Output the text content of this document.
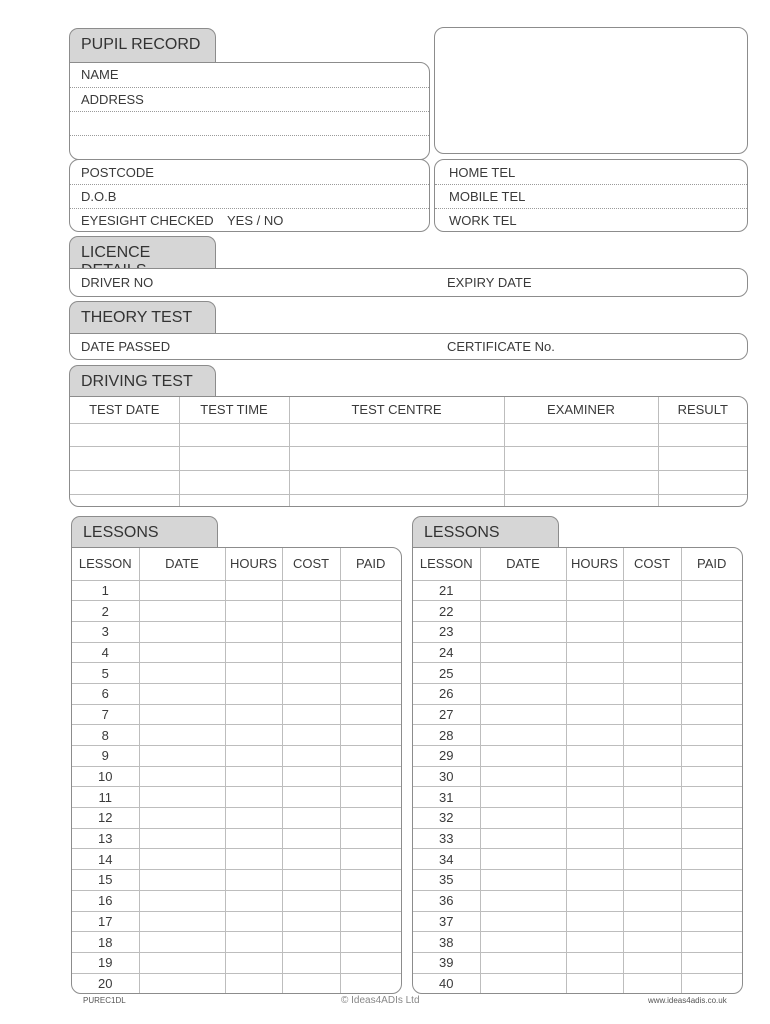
PUPIL RECORD
NAME
ADDRESS
POSTCODE
D.O.B
EYESIGHT CHECKED YES / NO
HOME TEL
MOBILE TEL
WORK TEL
LICENCE
DRIVER NO	EXPIRY DATE
THEORY TEST
DATE PASSED	CERTIFICATE No.
DRIVING TEST
TEST DATE	TEST TIME	TEST CENTRE	EXAMINER	RESULT

LESSONS
LESSON	DATE	HOURS	COST	PAID
1				
2				
3				
4				
5				
6				
7				
8				
9				
10				
11				
12				
13				
14				
15				
16				
17				
18				
19				
20				
LESSONS
LESSON	DATE	HOURS	COST	PAID
21				
22				
23				
24				
25				
26				
27				
28				
29				
30				
31				
32				
33				
34				
35				
36				
37				
38				
39				
40				
PUREC1DL	© Ideas4ADIs Ltd	www.ideas4adis.co.uk
